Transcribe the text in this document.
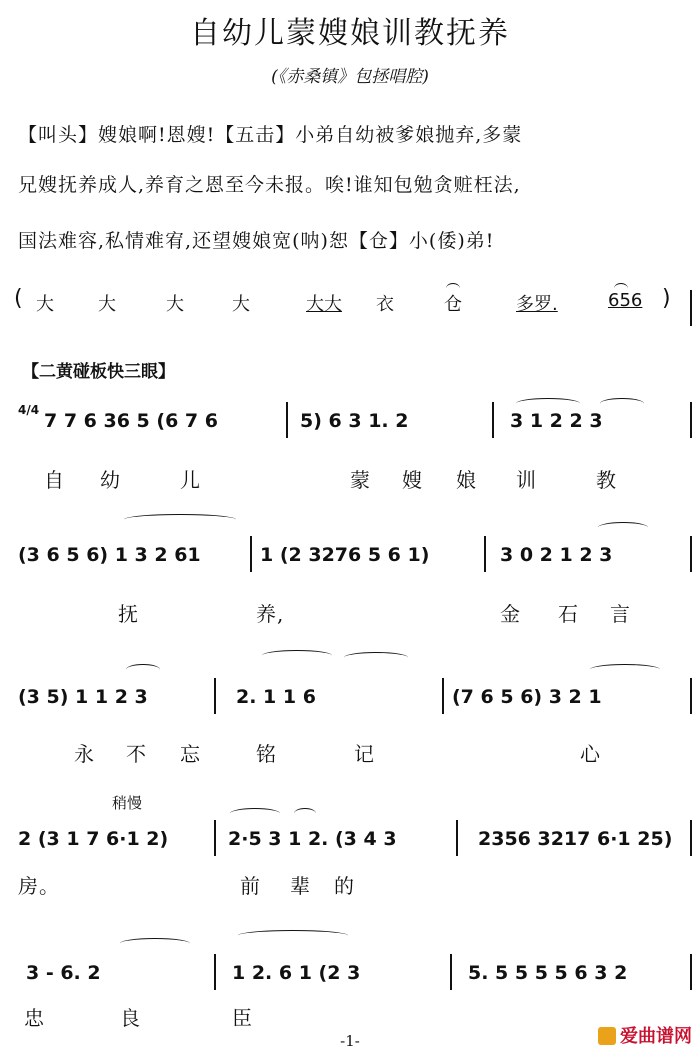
自幼儿蒙嫂娘训教抚养
(《赤桑镇》包拯唱腔)
【叫头】嫂娘啊!恩嫂!【五击】小弟自幼被爹娘抛弃,多蒙
兄嫂抚养成人,养育之恩至今未报。唉!谁知包勉贪赃枉法,
国法难容,私情难宥,还望嫂娘宽(呐)恕【仓】小(倭)弟!
( 大 大	大	大	大大 衣	仓	多罗.	656 )
【二黄碰板快三眼】
4/4 7 7 6 36 5 (6 7 6	5) 6 3 1. 2	3 1 2 2 3
自 幼	儿	蒙 嫂 娘 训	教
(3 6 5 6) 1 3 2 61	1 (2 3276 5 6 1)	3 0 2 1 2 3
抚	养,	金 石 言
(3 5) 1 1 2 3	2. 1 1 6	(7 6 5 6) 3 2 1
永 不 忘	铭	记	心
稍慢
2 (3 1 7 6·1 2)	2·5 3 1 2. (3 4 3	2356 3217 6·1 25)
房。	前 辈 的
3 - 6. 2	1 2. 6 1 (2 3	5. 5 5 5 5 6 3 2
忠	良	臣
-1-	爱曲谱网
